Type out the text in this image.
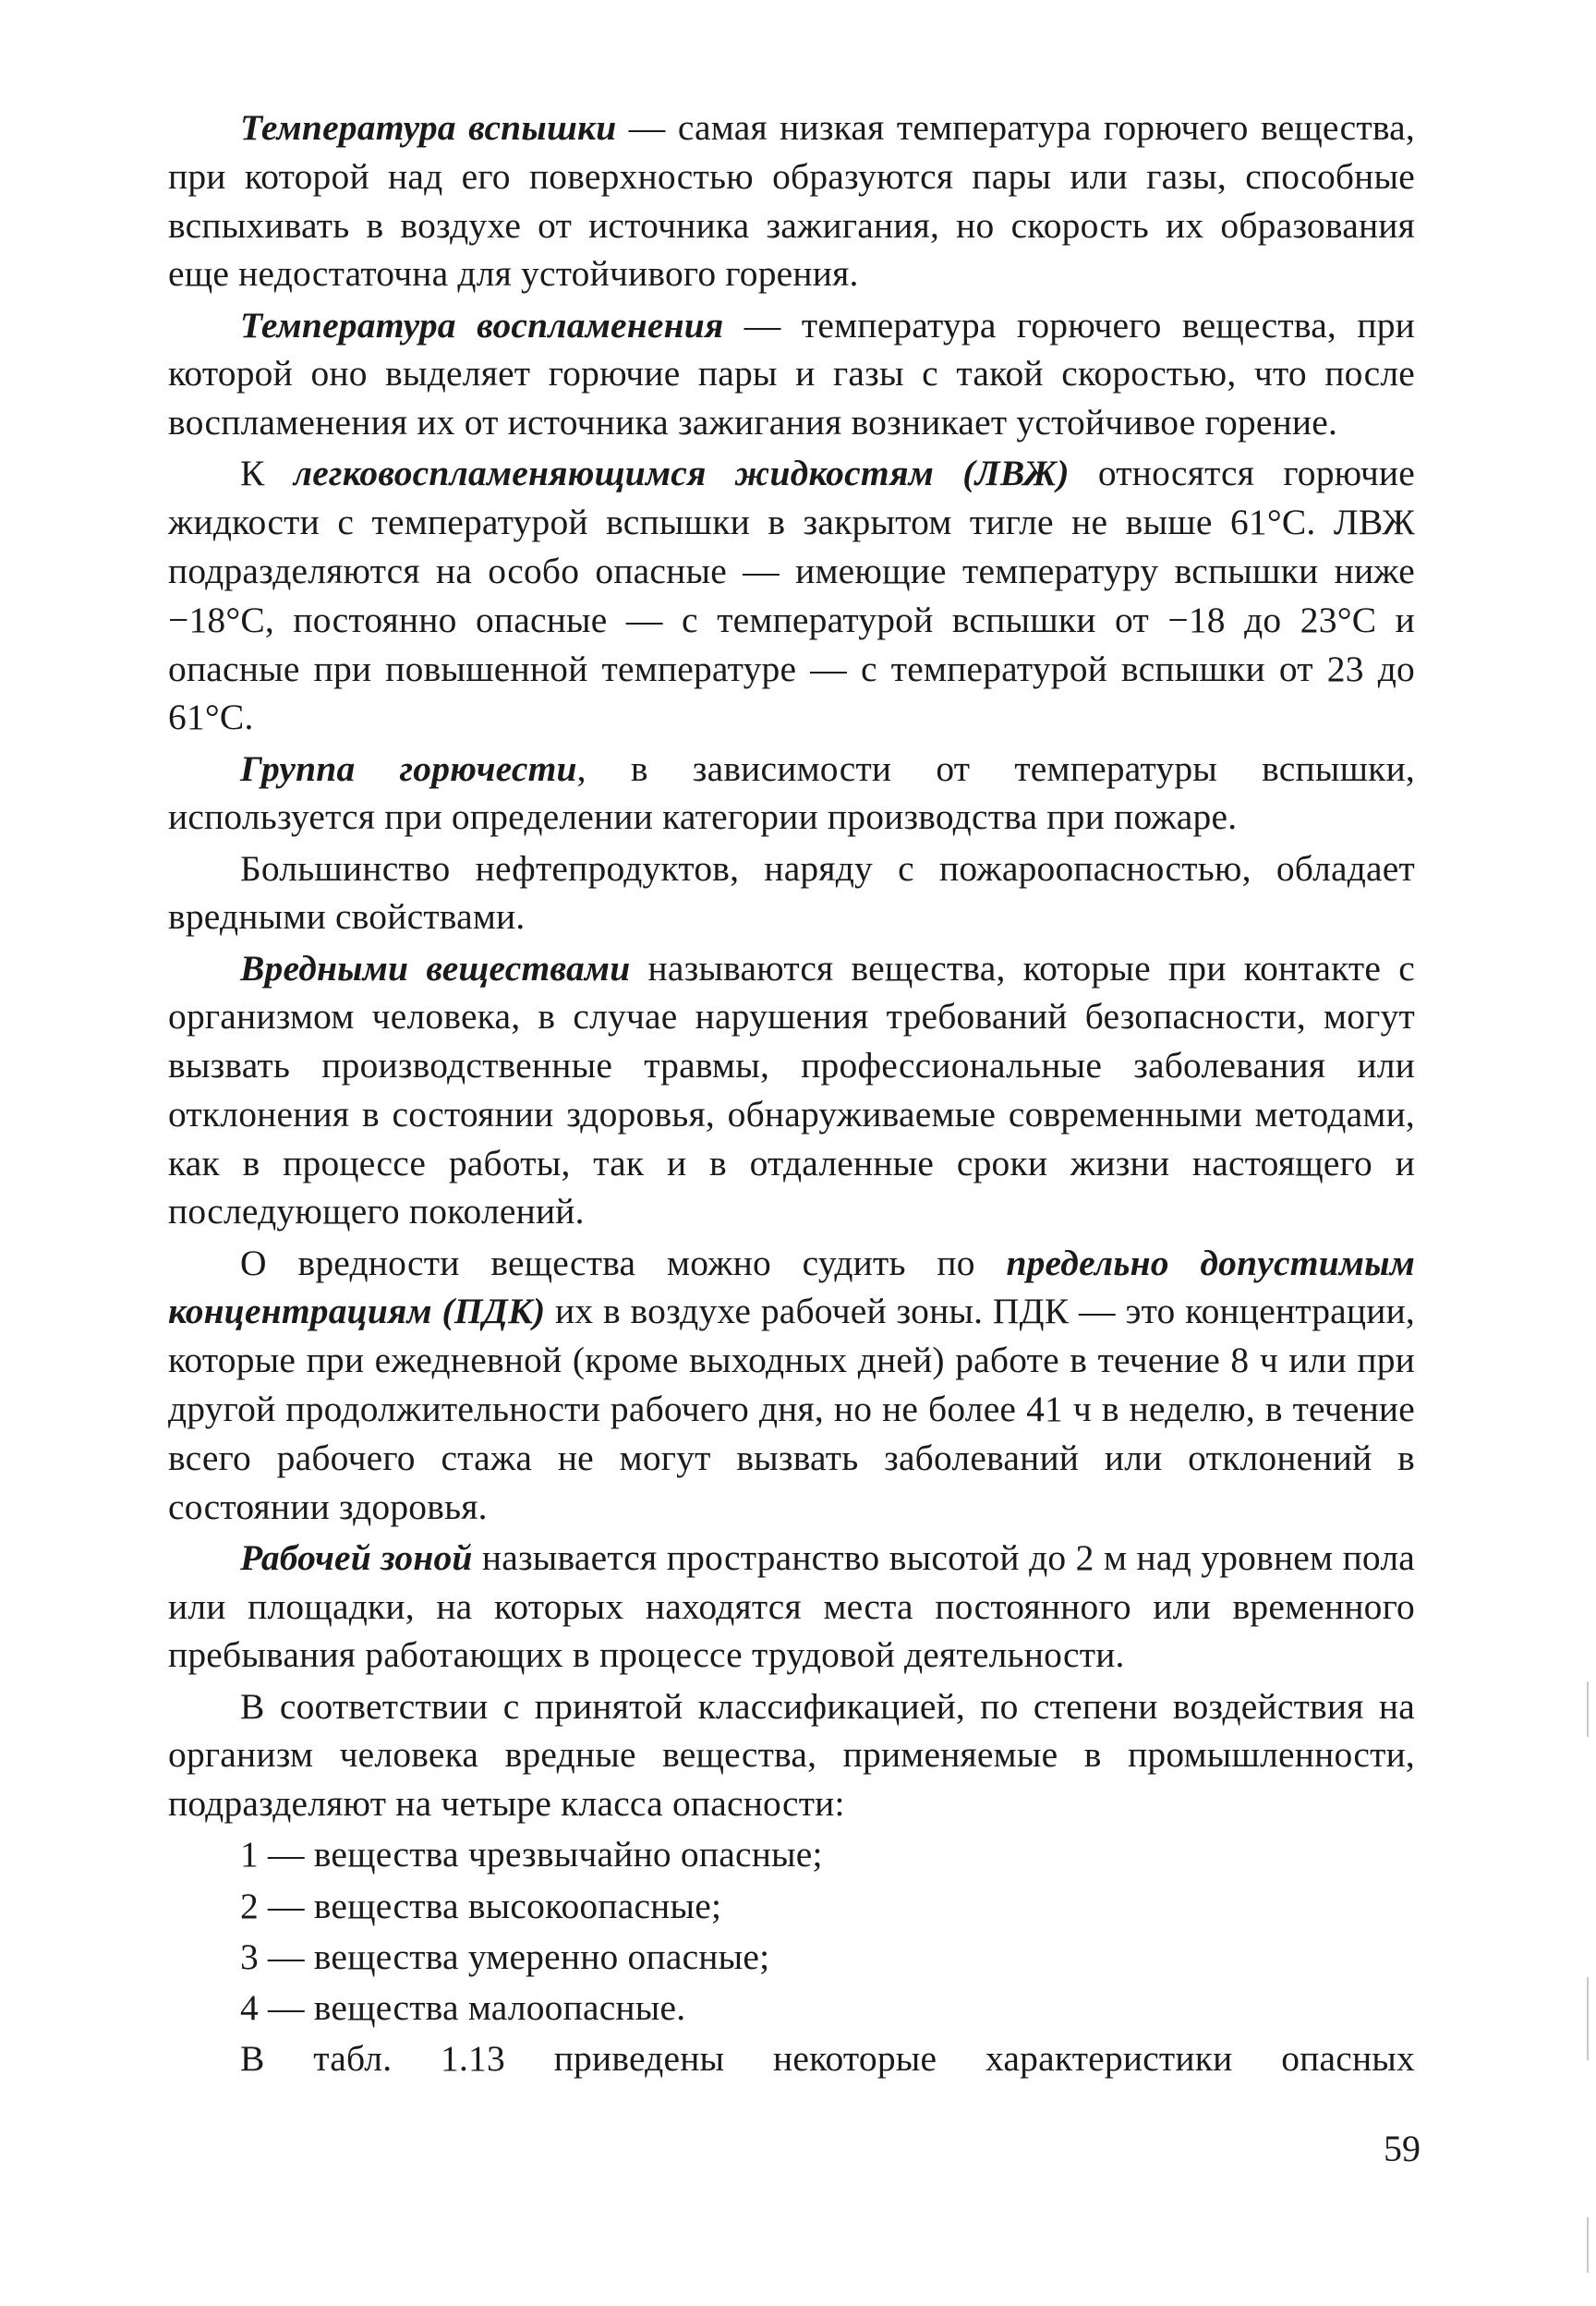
Температура вспышки — самая низкая температура горючего вещества, при которой над его поверхностью образуются пары или газы, способные вспыхивать в воздухе от источника зажигания, но скорость их образования еще недостаточна для устойчивого горения.

Температура воспламенения — температура горючего вещества, при которой оно выделяет горючие пары и газы с такой скоростью, что после воспламенения их от источника зажигания возникает устойчивое горение.

К легковоспламеняющимся жидкостям (ЛВЖ) относятся горючие жидкости с температурой вспышки в закрытом тигле не выше 61°С. ЛВЖ подразделяются на особо опасные — имеющие температуру вспышки ниже −18°С, постоянно опасные — с температурой вспышки от −18 до 23°С и опасные при повышенной температуре — с температурой вспышки от 23 до 61°С.

Группа горючести, в зависимости от температуры вспышки, используется при определении категории производства при пожаре.

Большинство нефтепродуктов, наряду с пожароопасностью, обладает вредными свойствами.

Вредными веществами называются вещества, которые при контакте с организмом человека, в случае нарушения требований безопасности, могут вызвать производственные травмы, профессиональные заболевания или отклонения в состоянии здоровья, обнаруживаемые современными методами, как в процессе работы, так и в отдаленные сроки жизни настоящего и последующего поколений.

О вредности вещества можно судить по предельно допустимым концентрациям (ПДК) их в воздухе рабочей зоны. ПДК — это концентрации, которые при ежедневной (кроме выходных дней) работе в течение 8 ч или при другой продолжительности рабочего дня, но не более 41 ч в неделю, в течение всего рабочего стажа не могут вызвать заболеваний или отклонений в состоянии здоровья.

Рабочей зоной называется пространство высотой до 2 м над уровнем пола или площадки, на которых находятся места постоянного или временного пребывания работающих в процессе трудовой деятельности.

В соответствии с принятой классификацией, по степени воздействия на организм человека вредные вещества, применяемые в промышленности, подразделяют на четыре класса опасности:

1 — вещества чрезвычайно опасные;
2 — вещества высокоопасные;
3 — вещества умеренно опасные;
4 — вещества малоопасные.

В табл. 1.13 приведены некоторые характеристики опасных

59
